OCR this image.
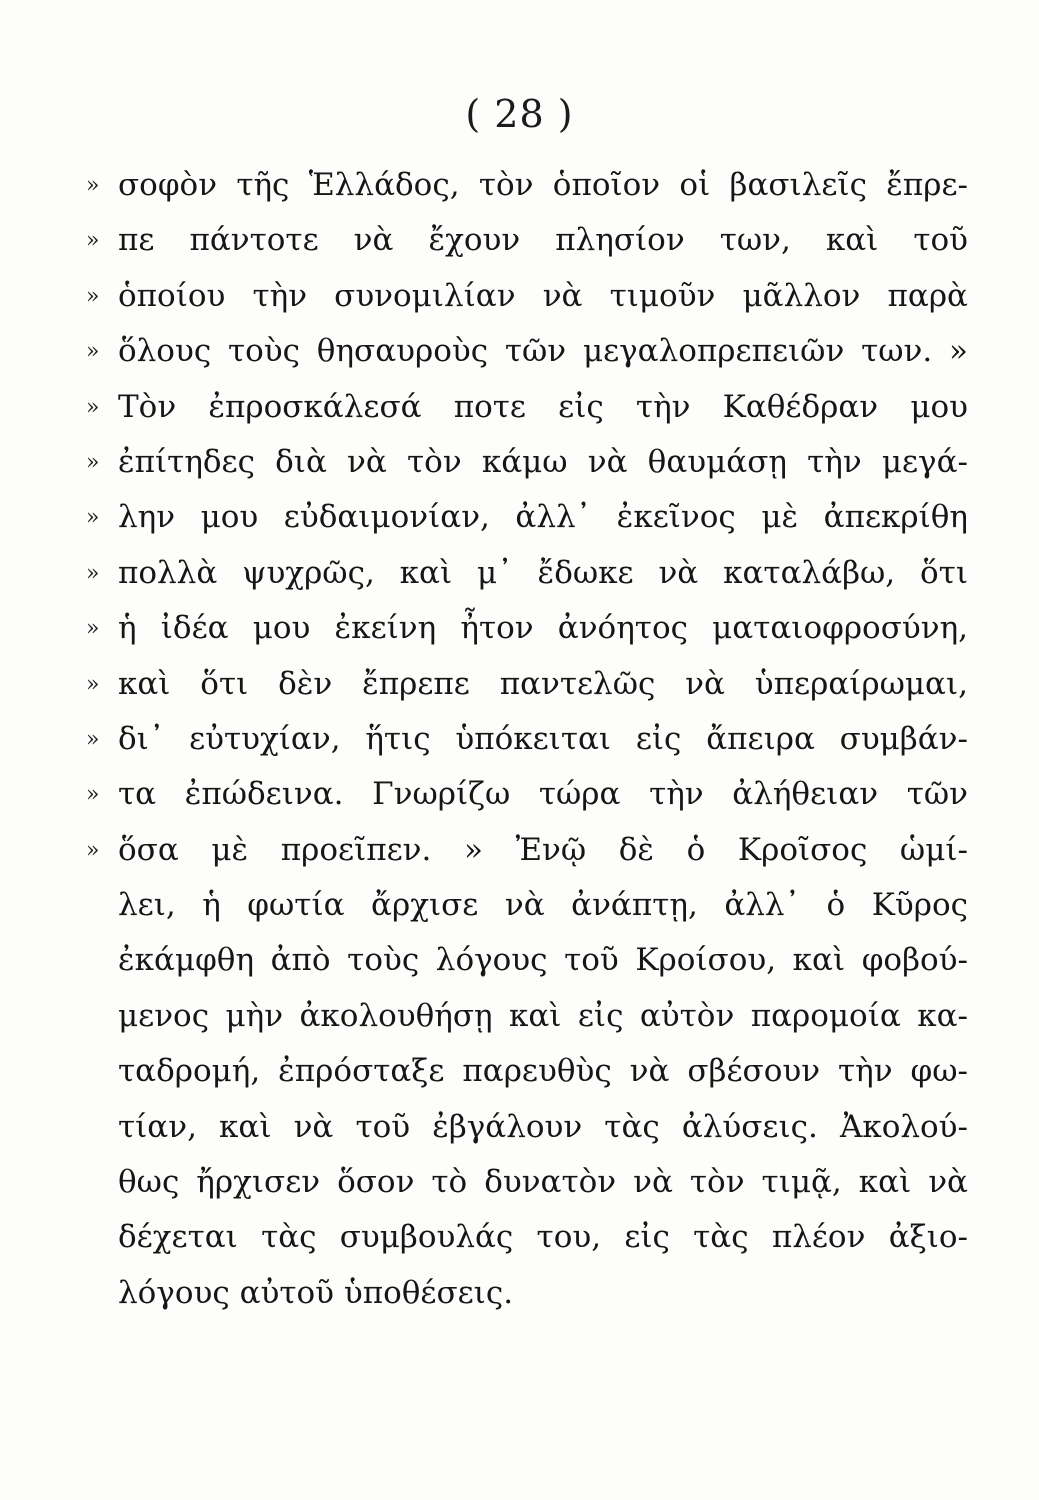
( 28 )
» σοφὸν τῆς Ἑλλάδος, τὸν ὁποῖον οἱ βασιλεῖς ἔπρε-
» πε πάντοτε νὰ ἔχουν πλησίον των, καὶ τοῦ
» ὁποίου τὴν συνομιλίαν νὰ τιμοῦν μᾶλλον παρὰ
» ὅλους τοὺς θησαυροὺς τῶν μεγαλοπρεπειῶν των. »
» Τὸν ἐπροσκάλεσά ποτε εἰς τὴν Καθέδραν μου
» ἐπίτηδες διὰ νὰ τὸν κάμω νὰ θαυμάσῃ τὴν μεγά-
» λην μου εὐδαιμονίαν, ἀλλ᾿ ἐκεῖνος μὲ ἀπεκρίθη
» πολλὰ ψυχρῶς, καὶ μ᾿ ἔδωκε νὰ καταλάβω, ὅτι
» ἡ ἰδέα μου ἐκείνη ἦτον ἀνόητος ματαιοφροσύνη,
» καὶ ὅτι δὲν ἔπρεπε παντελῶς νὰ ὑπεραίρωμαι,
» δι᾿ εὐτυχίαν, ἥτις ὑπόκειται εἰς ἄπειρα συμβάν-
» τα ἐπώδεινα. Γνωρίζω τώρα τὴν ἀλήθειαν τῶν
» ὅσα μὲ προεῖπεν. » Ἐνῷ δὲ ὁ Κροῖσος ὡμί-
λει, ἡ φωτία ἄρχισε νὰ ἀνάπτῃ, ἀλλ᾿ ὁ Κῦρος
ἐκάμφθη ἀπὸ τοὺς λόγους τοῦ Κροίσου, καὶ φοβού-
μενος μὴν ἀκολουθήσῃ καὶ εἰς αὐτὸν παρομοία κα-
ταδρομή, ἐπρόσταξε παρευθὺς νὰ σβέσουν τὴν φω-
τίαν, καὶ νὰ τοῦ ἐβγάλουν τὰς ἀλύσεις. Ἀκολού-
θως ἤρχισεν ὅσον τὸ δυνατὸν νὰ τὸν τιμᾷ, καὶ νὰ
δέχεται τὰς συμβουλάς του, εἰς τὰς πλέον ἀξιο-
λόγους αὐτοῦ ὑποθέσεις.
